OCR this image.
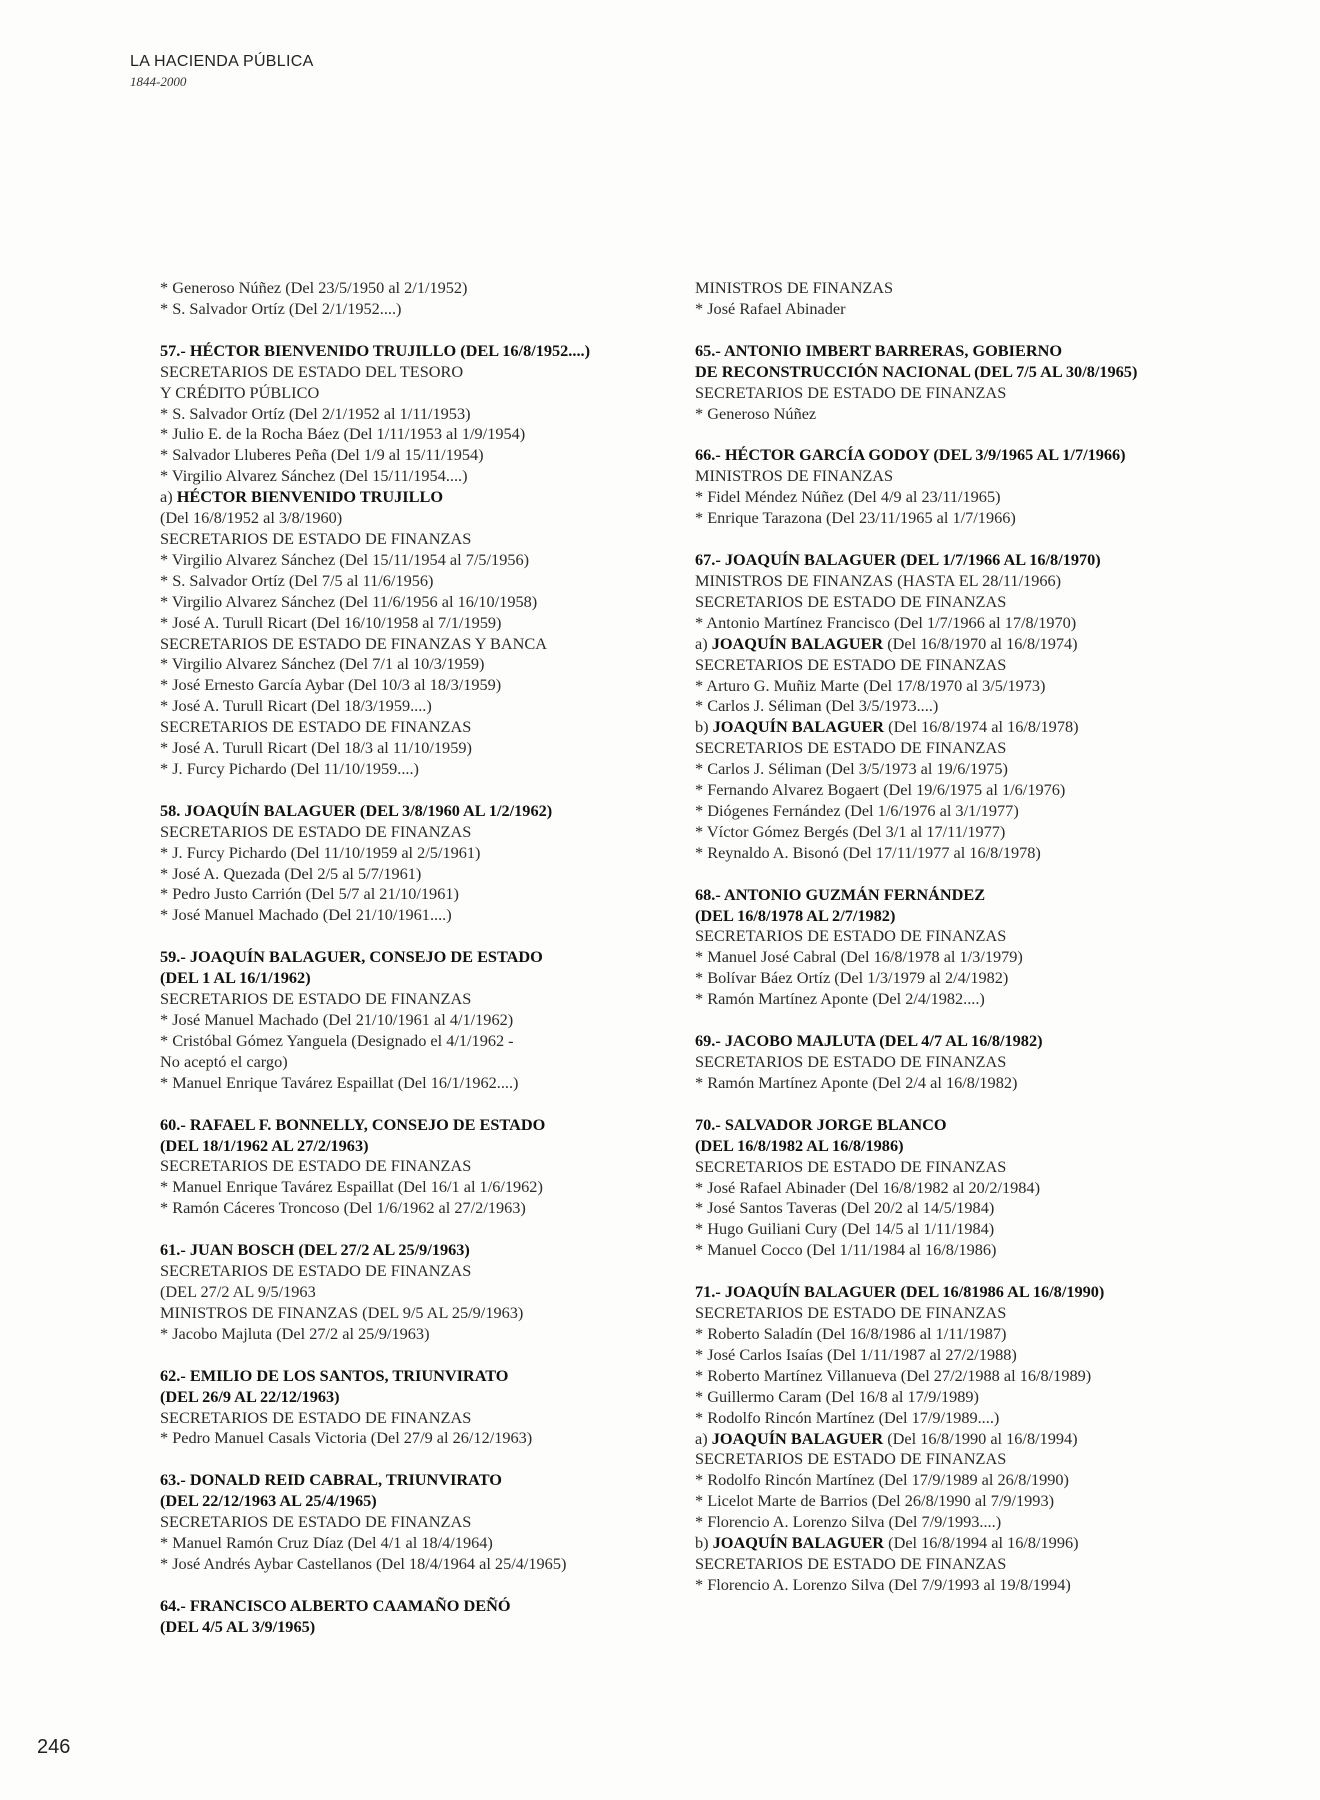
LA HACIENDA PÚBLICA
1844-2000
* Generoso Núñez (Del 23/5/1950 al 2/1/1952)
* S. Salvador Ortíz (Del 2/1/1952....)
57.- HÉCTOR BIENVENIDO TRUJILLO (DEL 16/8/1952....)
SECRETARIOS DE ESTADO DEL TESORO
Y CRÉDITO PÚBLICO
* S. Salvador Ortíz (Del 2/1/1952 al 1/11/1953)
* Julio E. de la Rocha Báez (Del 1/11/1953 al 1/9/1954)
* Salvador Lluberes Peña (Del 1/9 al 15/11/1954)
* Virgilio Alvarez Sánchez (Del 15/11/1954....)
a) HÉCTOR BIENVENIDO TRUJILLO
(Del 16/8/1952 al 3/8/1960)
SECRETARIOS DE ESTADO DE FINANZAS
* Virgilio Alvarez Sánchez (Del 15/11/1954 al 7/5/1956)
* S. Salvador Ortíz (Del 7/5 al 11/6/1956)
* Virgilio Alvarez Sánchez (Del 11/6/1956 al 16/10/1958)
* José A. Turull Ricart (Del 16/10/1958 al 7/1/1959)
SECRETARIOS DE ESTADO DE FINANZAS Y BANCA
* Virgilio Alvarez Sánchez (Del 7/1 al 10/3/1959)
* José Ernesto García Aybar (Del 10/3 al 18/3/1959)
* José A. Turull Ricart (Del 18/3/1959....)
SECRETARIOS DE ESTADO DE FINANZAS
* José A. Turull Ricart (Del 18/3 al 11/10/1959)
* J. Furcy Pichardo (Del 11/10/1959....)
58. JOAQUÍN BALAGUER (DEL 3/8/1960 AL 1/2/1962)
SECRETARIOS DE ESTADO DE FINANZAS
* J. Furcy Pichardo (Del 11/10/1959 al 2/5/1961)
* José A. Quezada (Del 2/5 al 5/7/1961)
* Pedro Justo Carrión (Del 5/7 al 21/10/1961)
* José Manuel Machado (Del 21/10/1961....)
59.- JOAQUÍN BALAGUER, CONSEJO DE ESTADO
(DEL 1 AL 16/1/1962)
SECRETARIOS DE ESTADO DE FINANZAS
* José Manuel Machado (Del 21/10/1961 al 4/1/1962)
* Cristóbal Gómez Yanguela (Designado el 4/1/1962 -
No aceptó el cargo)
* Manuel Enrique Tavárez Espaillat (Del 16/1/1962....)
60.- RAFAEL F. BONNELLY, CONSEJO DE ESTADO
(DEL 18/1/1962 AL 27/2/1963)
SECRETARIOS DE ESTADO DE FINANZAS
* Manuel Enrique Tavárez Espaillat (Del 16/1 al 1/6/1962)
* Ramón Cáceres Troncoso (Del 1/6/1962 al 27/2/1963)
61.- JUAN BOSCH (DEL 27/2 AL 25/9/1963)
SECRETARIOS DE ESTADO DE FINANZAS
(DEL 27/2 AL 9/5/1963
MINISTROS DE FINANZAS (DEL 9/5 AL 25/9/1963)
* Jacobo Majluta (Del 27/2 al 25/9/1963)
62.- EMILIO DE LOS SANTOS, TRIUNVIRATO
(DEL 26/9 AL 22/12/1963)
SECRETARIOS DE ESTADO DE FINANZAS
* Pedro Manuel Casals Victoria (Del 27/9 al 26/12/1963)
63.- DONALD REID CABRAL, TRIUNVIRATO
(DEL 22/12/1963 AL 25/4/1965)
SECRETARIOS DE ESTADO DE FINANZAS
* Manuel Ramón Cruz Díaz (Del 4/1 al 18/4/1964)
* José Andrés Aybar Castellanos (Del 18/4/1964 al 25/4/1965)
64.- FRANCISCO ALBERTO CAAMAÑO DEÑÓ
(DEL 4/5 AL 3/9/1965)
MINISTROS DE FINANZAS
* José Rafael Abinader
65.- ANTONIO IMBERT BARRERAS, GOBIERNO
DE RECONSTRUCCIÓN NACIONAL (DEL 7/5 AL 30/8/1965)
SECRETARIOS DE ESTADO DE FINANZAS
* Generoso Núñez
66.- HÉCTOR GARCÍA GODOY (DEL 3/9/1965 AL 1/7/1966)
MINISTROS DE FINANZAS
* Fidel Méndez Núñez (Del 4/9 al 23/11/1965)
* Enrique Tarazona (Del 23/11/1965 al 1/7/1966)
67.- JOAQUÍN BALAGUER (DEL 1/7/1966 AL 16/8/1970)
MINISTROS DE FINANZAS (HASTA EL 28/11/1966)
SECRETARIOS DE ESTADO DE FINANZAS
* Antonio Martínez Francisco (Del 1/7/1966 al 17/8/1970)
a) JOAQUÍN BALAGUER (Del 16/8/1970 al 16/8/1974)
SECRETARIOS DE ESTADO DE FINANZAS
* Arturo G. Muñiz Marte (Del 17/8/1970 al 3/5/1973)
* Carlos J. Séliman (Del 3/5/1973....)
b) JOAQUÍN BALAGUER (Del 16/8/1974 al 16/8/1978)
SECRETARIOS DE ESTADO DE FINANZAS
* Carlos J. Séliman (Del 3/5/1973 al 19/6/1975)
* Fernando Alvarez Bogaert (Del 19/6/1975 al 1/6/1976)
* Diógenes Fernández (Del 1/6/1976 al 3/1/1977)
* Víctor Gómez Bergés (Del 3/1 al 17/11/1977)
* Reynaldo A. Bisonó (Del 17/11/1977 al 16/8/1978)
68.- ANTONIO GUZMÁN FERNÁNDEZ
(DEL 16/8/1978 AL 2/7/1982)
SECRETARIOS DE ESTADO DE FINANZAS
* Manuel José Cabral (Del 16/8/1978 al 1/3/1979)
* Bolívar Báez Ortíz (Del 1/3/1979 al 2/4/1982)
* Ramón Martínez Aponte (Del 2/4/1982....)
69.- JACOBO MAJLUTA (DEL 4/7 AL 16/8/1982)
SECRETARIOS DE ESTADO DE FINANZAS
* Ramón Martínez Aponte (Del 2/4 al 16/8/1982)
70.- SALVADOR JORGE BLANCO
(DEL 16/8/1982 AL 16/8/1986)
SECRETARIOS DE ESTADO DE FINANZAS
* José Rafael Abinader (Del 16/8/1982 al 20/2/1984)
* José Santos Taveras (Del 20/2 al 14/5/1984)
* Hugo Guiliani Cury (Del 14/5 al 1/11/1984)
* Manuel Cocco (Del 1/11/1984 al 16/8/1986)
71.- JOAQUÍN BALAGUER (DEL 16/81986 AL 16/8/1990)
SECRETARIOS DE ESTADO DE FINANZAS
* Roberto Saladín (Del 16/8/1986 al 1/11/1987)
* José Carlos Isaías (Del 1/11/1987 al 27/2/1988)
* Roberto Martínez Villanueva (Del 27/2/1988 al 16/8/1989)
* Guillermo Caram (Del 16/8 al 17/9/1989)
* Rodolfo Rincón Martínez (Del 17/9/1989....)
a) JOAQUÍN BALAGUER (Del 16/8/1990 al 16/8/1994)
SECRETARIOS DE ESTADO DE FINANZAS
* Rodolfo Rincón Martínez (Del 17/9/1989 al 26/8/1990)
* Licelot Marte de Barrios (Del 26/8/1990 al 7/9/1993)
* Florencio A. Lorenzo Silva (Del 7/9/1993....)
b) JOAQUÍN BALAGUER (Del 16/8/1994 al 16/8/1996)
SECRETARIOS DE ESTADO DE FINANZAS
* Florencio A. Lorenzo Silva (Del 7/9/1993 al 19/8/1994)
246
